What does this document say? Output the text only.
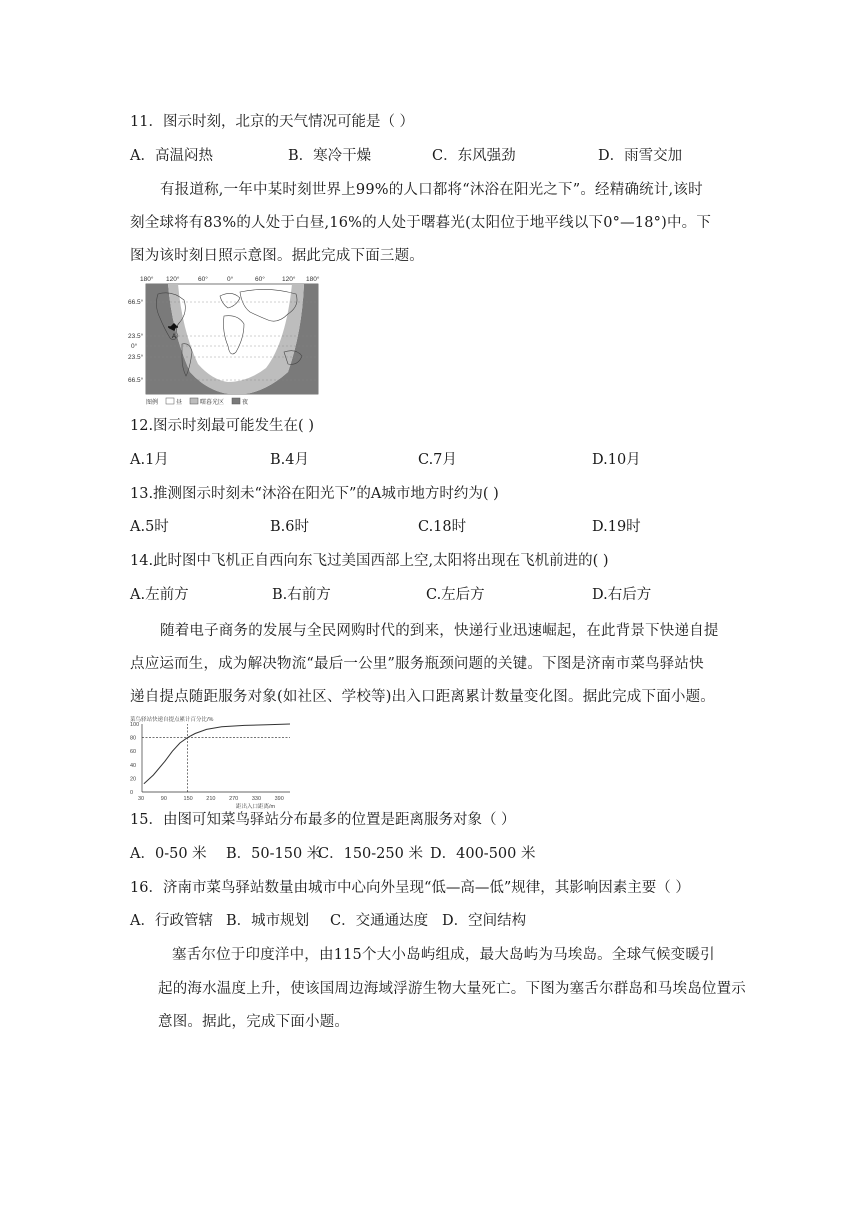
11．图示时刻，北京的天气情况可能是（ ）
A．高温闷热	B．寒冷干燥	C．东风强劲	D．雨雪交加
有报道称,一年中某时刻世界上99%的人口都将“沐浴在阳光之下”。经精确统计,该时
刻全球将有83%的人处于白昼,16%的人处于曙暮光(太阳位于地平线以下0°—18°)中。下
图为该时刻日照示意图。据此完成下面三题。
180° 120°	60°	0°	60°	120° 180°
66.5°
23.5°
0°
23.5°
66.5°
A
图例	昼	曙暮光区	夜
12.图示时刻最可能发生在( )
A.1月	B.4月	C.7月	D.10月
13.推测图示时刻未“沐浴在阳光下”的A城市地方时约为( )
A.5时	B.6时	C.18时	D.19时
14.此时图中飞机正自西向东飞过美国西部上空,太阳将出现在飞机前进的( )
A.左前方	B.右前方	C.左后方	D.右后方
随着电子商务的发展与全民网购时代的到来，快递行业迅速崛起，在此背景下快递自提
点应运而生，成为解决物流“最后一公里”服务瓶颈问题的关键。下图是济南市菜鸟驿站快
递自提点随距服务对象(如社区、学校等)出入口距离累计数量变化图。据此完成下面小题。
菜鸟驿站快递自提点累计百分比/%
100
80
60
40
20
0
30	90	150 210 270 330 390
距出入口距离/m
15．由图可知菜鸟驿站分布最多的位置是距离服务对象（ ）
A．0-50 米 B．50-150 米
C．150-250 米 D．400-500 米
16．济南市菜鸟驿站数量由城市中心向外呈现“低—高—低”规律，其影响因素主要（ ）
A．行政管辖 B．城市规划 C．交通通达度 D．空间结构
塞舌尔位于印度洋中，由115个大小岛屿组成，最大岛屿为马埃岛。全球气候变暖引
起的海水温度上升，使该国周边海域浮游生物大量死亡。下图为塞舌尔群岛和马埃岛位置示
意图。据此，完成下面小题。
